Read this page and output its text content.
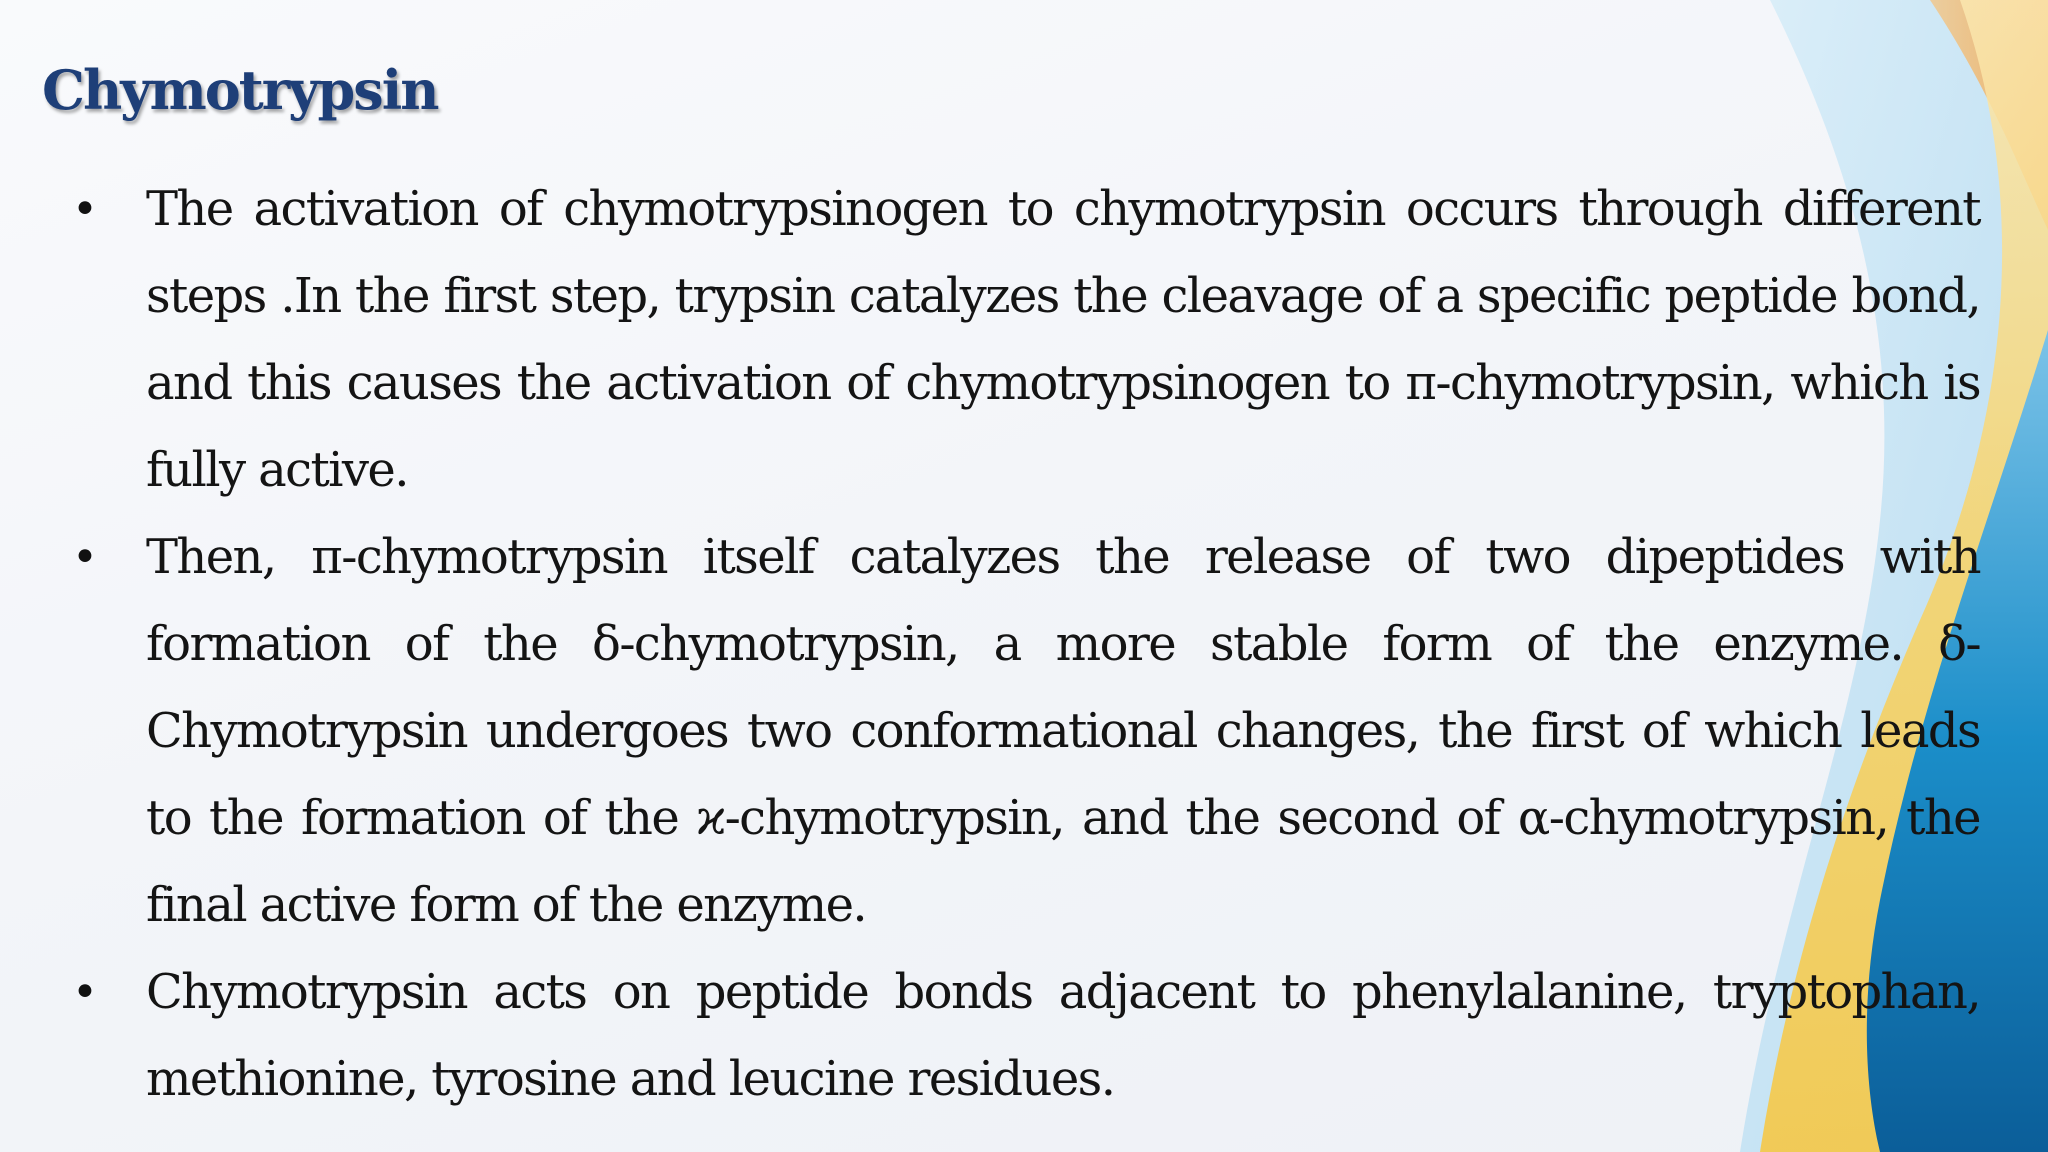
Chymotrypsin
• The activation of chymotrypsinogen to chymotrypsin occurs through different steps .In the first step, trypsin catalyzes the cleavage of a specific peptide bond, and this causes the activation of chymotrypsinogen to π-chymotrypsin, which is fully active.
• Then, π-chymotrypsin itself catalyzes the release of two dipeptides with formation of the δ-chymotrypsin, a more stable form of the enzyme. δ-Chymotrypsin undergoes two conformational changes, the first of which leads to the formation of the ϰ-chymotrypsin, and the second of α-chymotrypsin, the final active form of the enzyme.
• Chymotrypsin acts on peptide bonds adjacent to phenylalanine, tryptophan, methionine, tyrosine and leucine residues.
